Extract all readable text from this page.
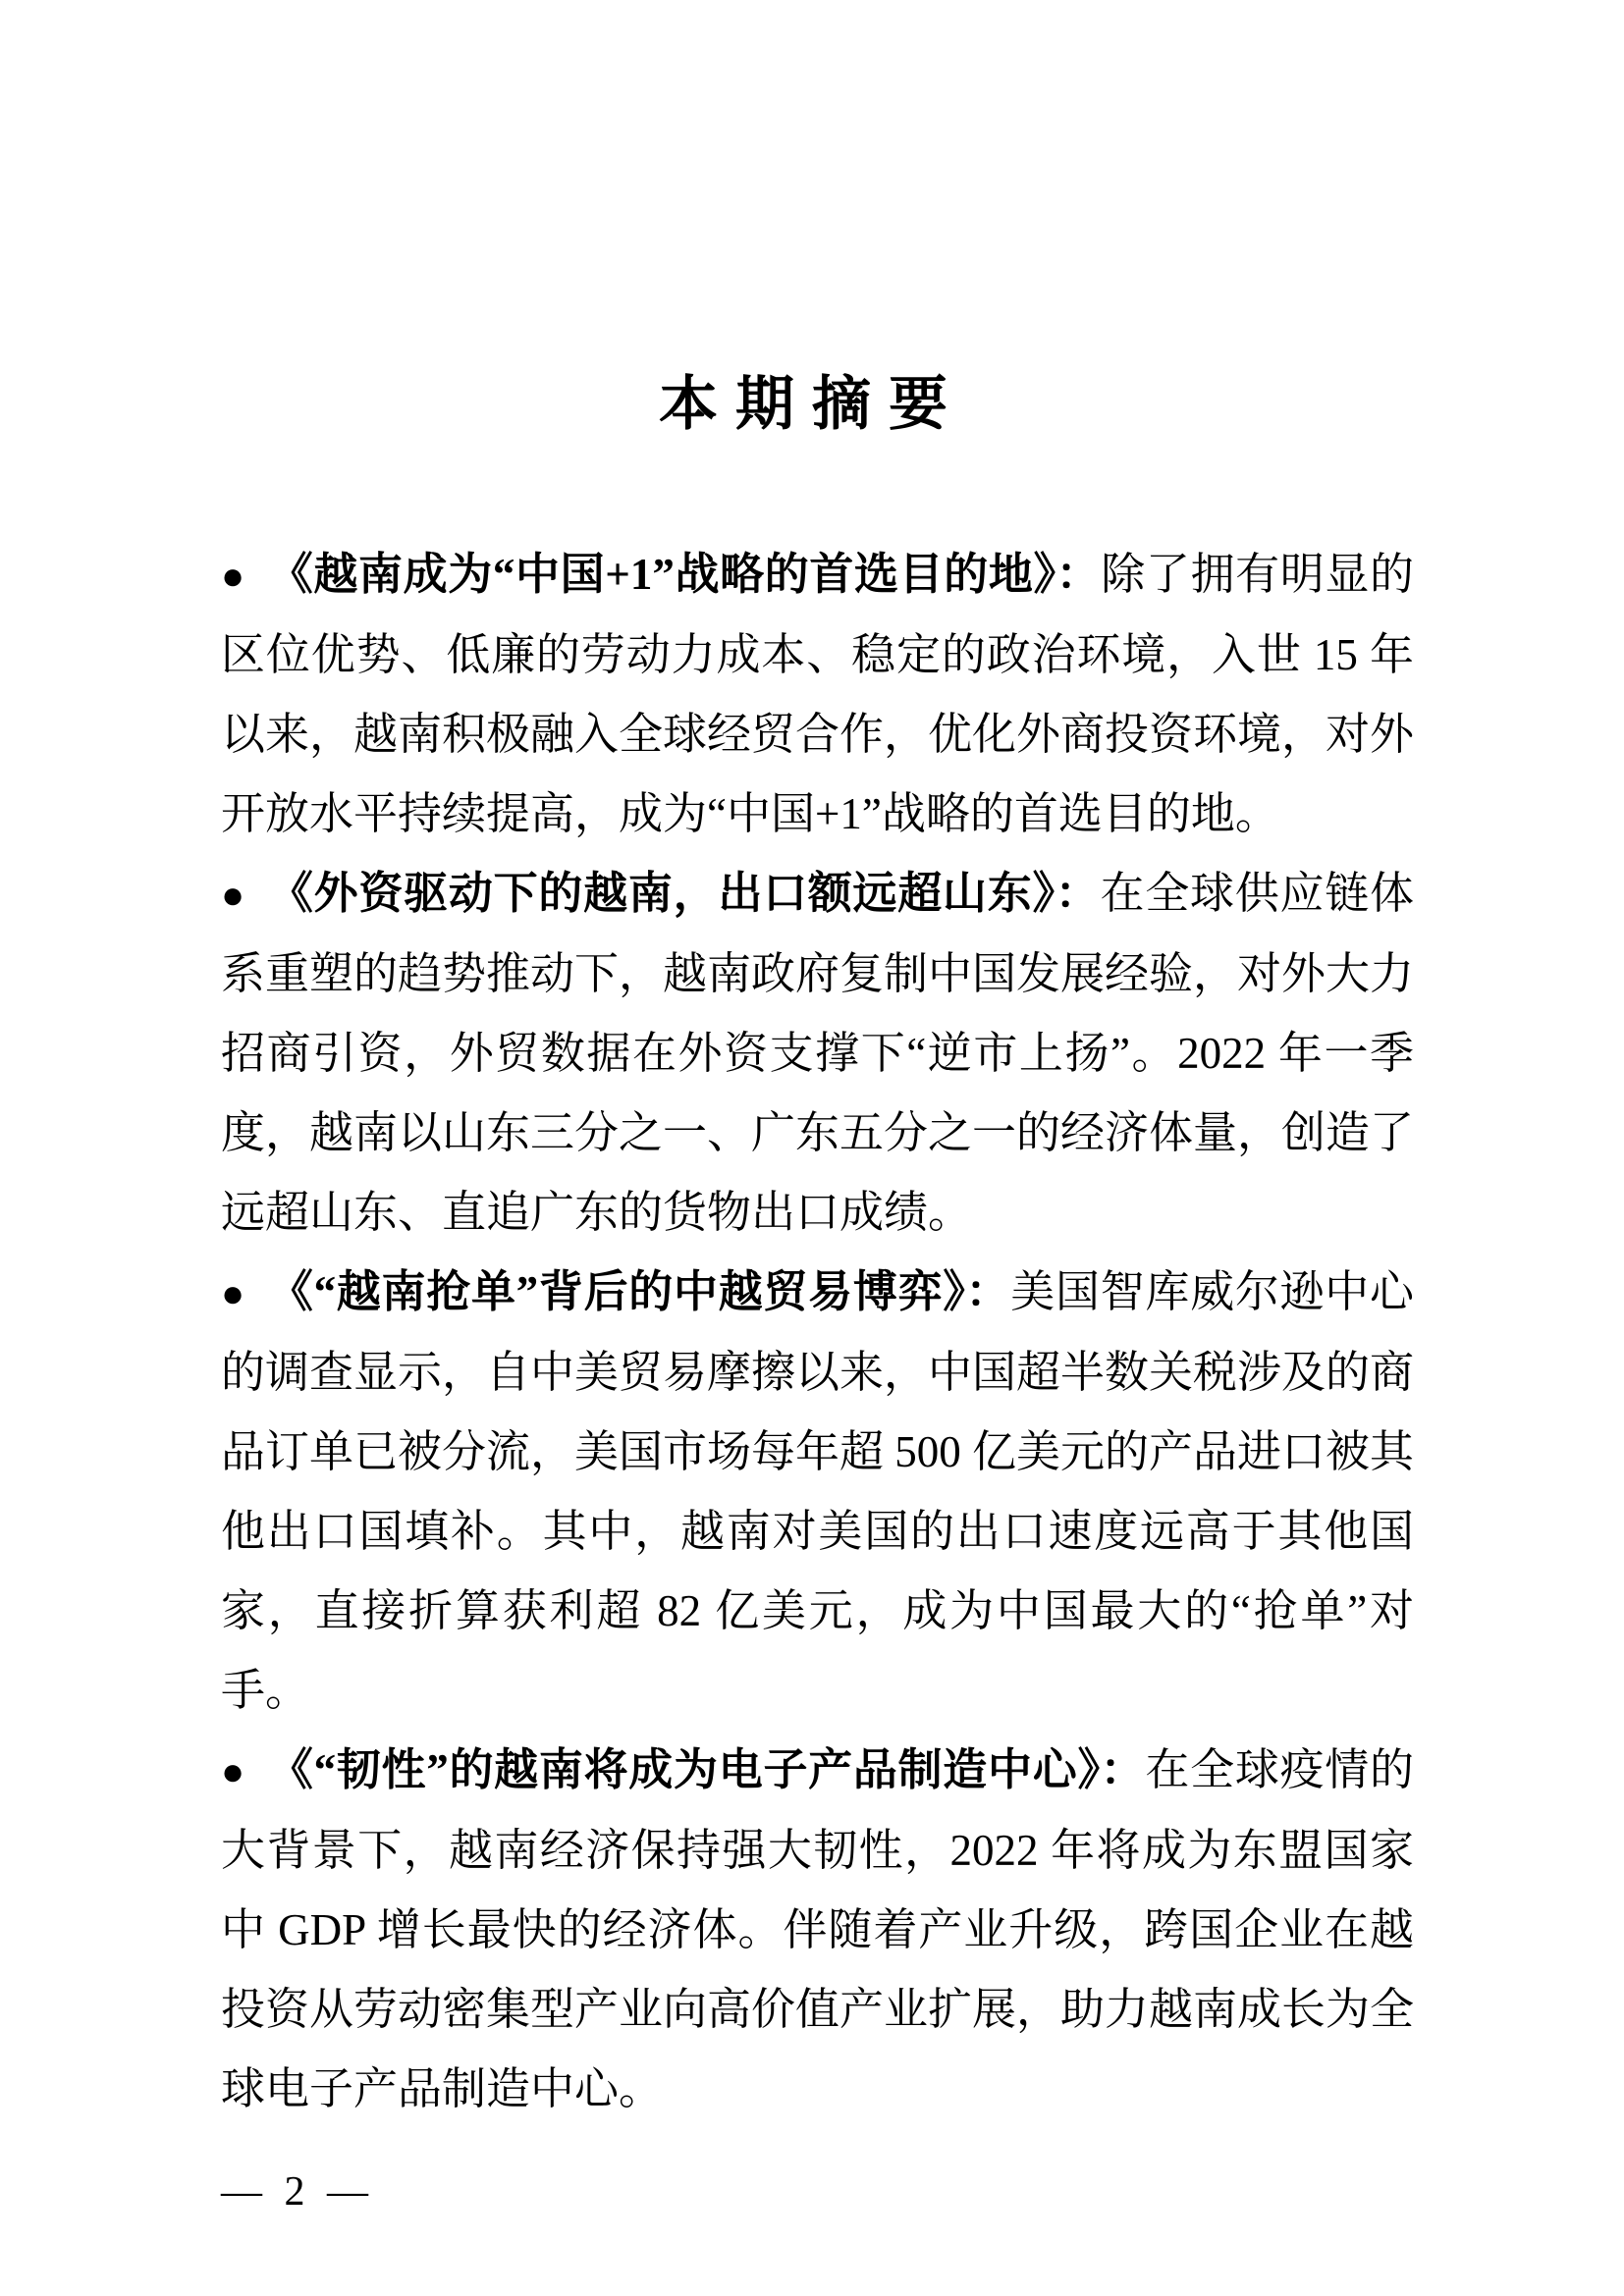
本期摘要

● 《越南成为“中国+1”战略的首选目的地》：除了拥有明显的区位优势、低廉的劳动力成本、稳定的政治环境，入世 15 年以来，越南积极融入全球经贸合作，优化外商投资环境，对外开放水平持续提高，成为“中国+1”战略的首选目的地。

● 《外资驱动下的越南，出口额远超山东》：在全球供应链体系重塑的趋势推动下，越南政府复制中国发展经验，对外大力招商引资，外贸数据在外资支撑下“逆市上扬”。2022 年一季度，越南以山东三分之一、广东五分之一的经济体量，创造了远超山东、直追广东的货物出口成绩。

● 《“越南抢单”背后的中越贸易博弈》：美国智库威尔逊中心的调查显示，自中美贸易摩擦以来，中国超半数关税涉及的商品订单已被分流，美国市场每年超 500 亿美元的产品进口被其他出口国填补。其中，越南对美国的出口速度远高于其他国家，直接折算获利超 82 亿美元，成为中国最大的“抢单”对手。

● 《“韧性”的越南将成为电子产品制造中心》：在全球疫情的大背景下，越南经济保持强大韧性，2022 年将成为东盟国家中 GDP 增长最快的经济体。伴随着产业升级，跨国企业在越投资从劳动密集型产业向高价值产业扩展，助力越南成长为全球电子产品制造中心。

— 2 —
